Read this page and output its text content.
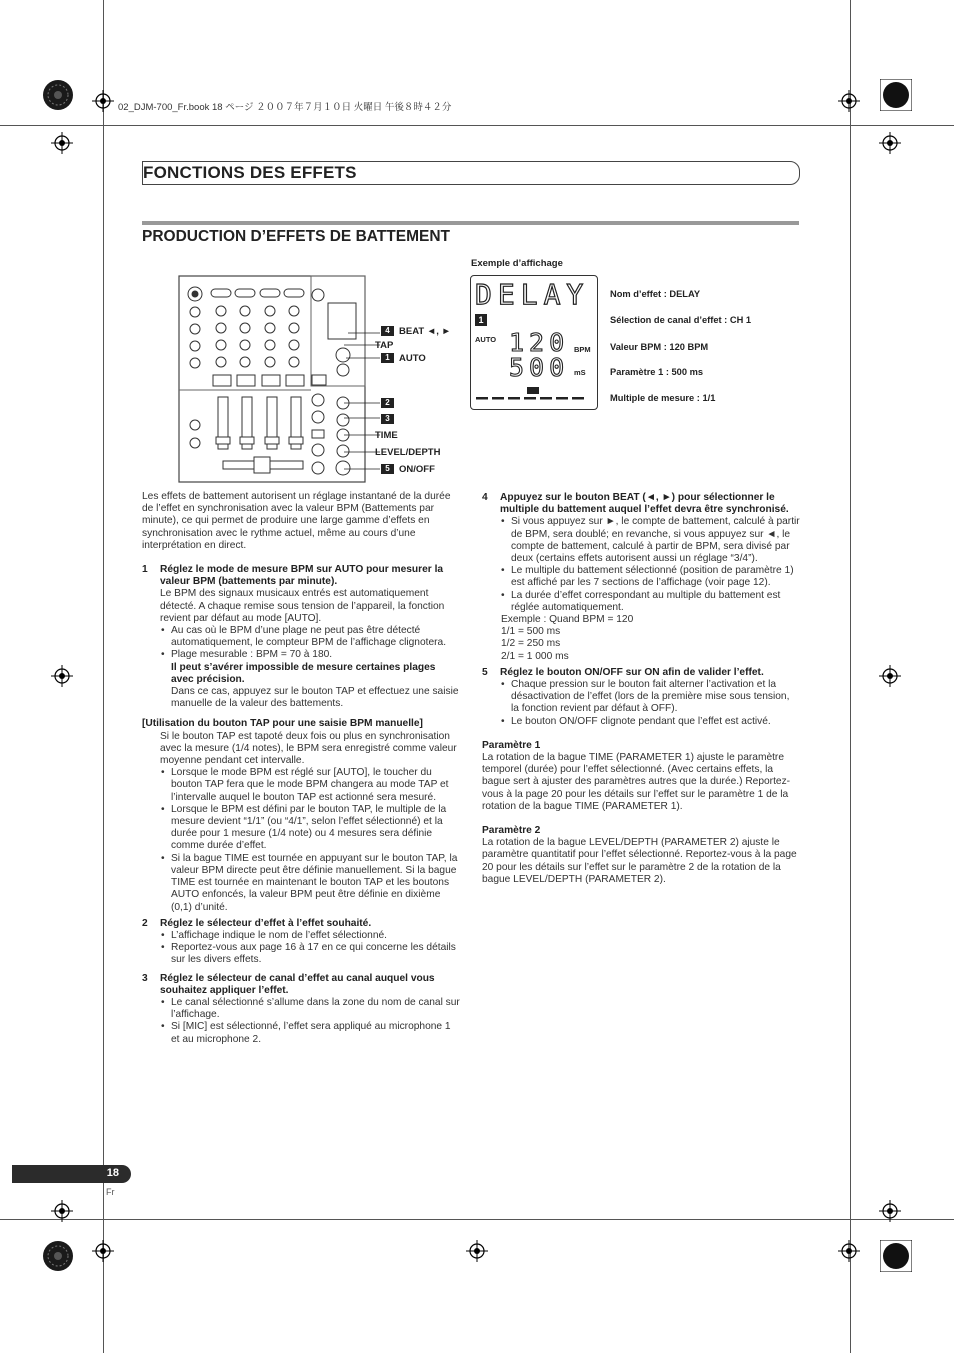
02_DJM-700_Fr.book 18 ページ ２００７年７月１０日 火曜日 午後８時４２分
FONCTIONS DES EFFETS
PRODUCTION D’EFFETS DE BATTEMENT
4 BEAT ◄, ►
TAP
1 AUTO
2
3
TIME
LEVEL/DEPTH
5 ON/OFF
Exemple d’affichage
DELAY
1
AUTO 120 BPM
500 mS
Nom d’effet : DELAY
Sélection de canal d’effet : CH 1
Valeur BPM : 120 BPM
Paramètre 1 : 500 ms
Multiple de mesure : 1/1

Les effets de battement autorisent un réglage instantané de la durée de l’effet en synchronisation avec la valeur BPM (Battements par minute), ce qui permet de produire une large gamme d’effets en synchronisation avec le rythme actuel, même au cours d’une interprétation en direct.

1 Réglez le mode de mesure BPM sur AUTO pour mesurer la valeur BPM (battements par minute).

Le BPM des signaux musicaux entrés est automatiquement détecté. A chaque remise sous tension de l’appareil, la fonction revient par défaut au mode [AUTO].

• Au cas où le BPM d’une plage ne peut pas être détecté automatiquement, le compteur BPM de l’affichage clignotera.

• Plage mesurable : BPM = 70 à 180.

Il peut s’avérer impossible de mesure certaines plages avec précision.

Dans ce cas, appuyez sur le bouton TAP et effectuez une saisie manuelle de la valeur des battements.

[Utilisation du bouton TAP pour une saisie BPM manuelle]

Si le bouton TAP est tapoté deux fois ou plus en synchronisation avec la mesure (1/4 notes), le BPM sera enregistré comme valeur moyenne pendant cet intervalle.

• Lorsque le mode BPM est réglé sur [AUTO], le toucher du bouton TAP fera que le mode BPM changera au mode TAP et l’intervalle auquel le bouton TAP est actionné sera mesuré.

• Lorsque le BPM est défini par le bouton TAP, le multiple de la mesure devient “1/1” (ou “4/1”, selon l’effet sélectionné) et la durée pour 1 mesure (1/4 note) ou 4 mesures sera définie comme durée d’effet.

• Si la bague TIME est tournée en appuyant sur le bouton TAP, la valeur BPM directe peut être définie manuellement. Si la bague TIME est tournée en maintenant le bouton TAP et les boutons AUTO enfoncés, la valeur BPM peut être définie en dixième (0,1) d’unité.

2 Réglez le sélecteur d’effet à l’effet souhaité.

• L’affichage indique le nom de l’effet sélectionné.

• Reportez-vous aux page 16 à 17 en ce qui concerne les détails sur les divers effets.

3 Réglez le sélecteur de canal d’effet au canal auquel vous souhaitez appliquer l’effet.

• Le canal sélectionné s’allume dans la zone du nom de canal sur l’affichage.

• Si [MIC] est sélectionné, l’effet sera appliqué au microphone 1 et au microphone 2.

4 Appuyez sur le bouton BEAT (◄, ►) pour sélectionner le multiple du battement auquel l’effet devra être synchronisé.

• Si vous appuyez sur ►, le compte de battement, calculé à partir de BPM, sera doublé; en revanche, si vous appuyez sur ◄, le compte de battement, calculé à partir de BPM, sera divisé par deux (certains effets autorisent aussi un réglage “3/4”).

• Le multiple du battement sélectionné (position de paramètre 1) est affiché par les 7 sections de l’affichage (voir page 12).

• La durée d’effet correspondant au multiple du battement est réglée automatiquement.

Exemple : Quand BPM = 120

1/1 = 500 ms

1/2 = 250 ms

2/1 = 1 000 ms

5 Réglez le bouton ON/OFF sur ON afin de valider l’effet.

• Chaque pression sur le bouton fait alterner l’activation et la désactivation de l’effet (lors de la première mise sous tension, la fonction revient par défaut à OFF).

• Le bouton ON/OFF clignote pendant que l’effet est activé.

Paramètre 1

La rotation de la bague TIME (PARAMETER 1) ajuste le paramètre temporel (durée) pour l’effet sélectionné. (Avec certains effets, la bague sert à ajuster des paramètres autres que la durée.) Reportez-vous à la page 20 pour les détails sur l’effet sur le paramètre 1 de la rotation de la bague TIME (PARAMETER 1).

Paramètre 2

La rotation de la bague LEVEL/DEPTH (PARAMETER 2) ajuste le paramètre quantitatif pour l’effet sélectionné. Reportez-vous à la page 20 pour les détails sur l’effet sur le paramètre 2 de la rotation de la bague LEVEL/DEPTH (PARAMETER 2).

18
Fr
